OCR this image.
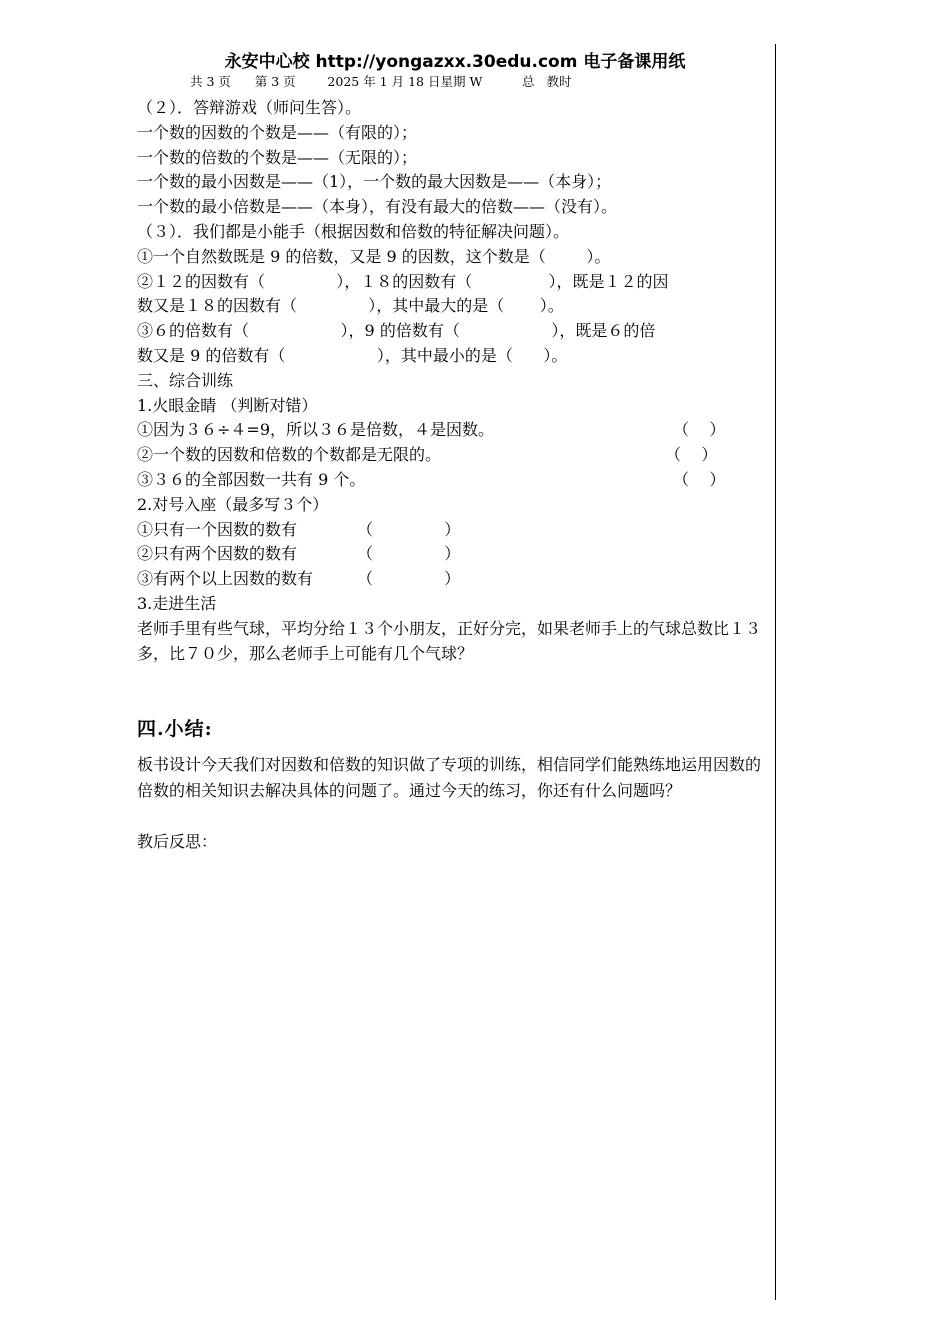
永安中心校 http://yongazxx.30edu.com 电子备课用纸
共 3 页      第 3 页        2025 年 1 月 18 日星期 W          总   教时
（２）．答辩游戏（师问生答）。
一个数的因数的个数是——（有限的）；
一个数的倍数的个数是——（无限的）；
一个数的最小因数是——（1），一个数的最大因数是——（本身）；
一个数的最小倍数是——（本身），有没有最大的倍数——（没有）。
（３）．我们都是小能手（根据因数和倍数的特征解决问题）。
①一个自然数既是 9 的倍数，又是 9 的因数，这个数是（        ）。
②１２的因数有（              ），１８的因数有（               ），既是１２的因
数又是１８的因数有（              ），其中最大的是（       ）。
③６的倍数有（                  ），9 的倍数有（                  ），既是６的倍
数又是 9 的倍数有（                  ），其中最小的是（      ）。
三、综合训练
1.火眼金睛 （判断对错）
①因为３６÷４=9，所以３６是倍数，４是因数。	（    ）
②一个数的因数和倍数的个数都是无限的。	（    ）
③３６的全部因数一共有 9 个。	（    ）
2.对号入座（最多写３个）
①只有一个因数的数有	（              ）
②只有两个因数的数有	（              ）
③有两个以上因数的数有	（              ）
3.走进生活
老师手里有些气球，平均分给１３个小朋友，正好分完，如果老师手上的气球总数比１３多，比７０少，那么老师手上可能有几个气球？
四.小结:
板书设计今天我们对因数和倍数的知识做了专项的训练，相信同学们能熟练地运用因数的倍数的相关知识去解决具体的问题了。通过今天的练习，你还有什么问题吗？
教后反思：
